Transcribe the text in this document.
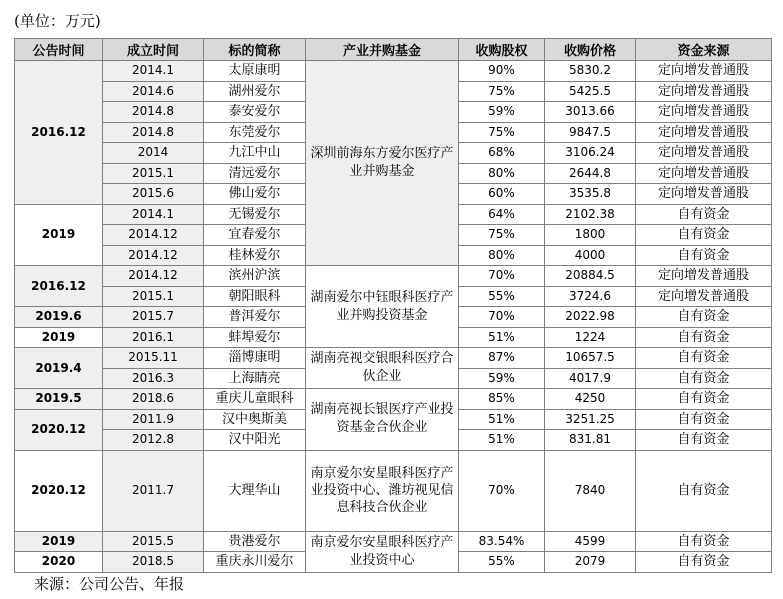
(单位：万元)
公告时间	成立时间	标的简称	产业并购基金	收购股权	收购价格	资金来源
2016.12	2014.1	太原康明	深圳前海东方爱尔医疗产业并购基金	90%	5830.2	定向增发普通股
	2014.6	湖州爱尔		75%	5425.5	定向增发普通股
	2014.8	泰安爱尔		59%	3013.66	定向增发普通股
	2014.8	东莞爱尔		75%	9847.5	定向增发普通股
	2014	九江中山		68%	3106.24	定向增发普通股
	2015.1	清远爱尔		80%	2644.8	定向增发普通股
	2015.6	佛山爱尔		60%	3535.8	定向增发普通股
2019	2014.1	无锡爱尔		64%	2102.38	自有资金
	2014.12	宜春爱尔		75%	1800	自有资金
	2014.12	桂林爱尔		80%	4000	自有资金
2016.12	2014.12	滨州沪滨	湖南爱尔中钰眼科医疗产业并购投资基金	70%	20884.5	定向增发普通股
	2015.1	朝阳眼科		55%	3724.6	定向增发普通股
2019.6	2015.7	普洱爱尔		70%	2022.98	自有资金
2019	2016.1	蚌埠爱尔		51%	1224	自有资金
2019.4	2015.11	淄博康明	湖南亮视交银眼科医疗合伙企业	87%	10657.5	自有资金
	2016.3	上海睛亮		59%	4017.9	自有资金
2019.5	2018.6	重庆儿童眼科	湖南亮视长银医疗产业投资基金合伙企业	85%	4250	自有资金
2020.12	2011.9	汉中奥斯美		51%	3251.25	自有资金
	2012.8	汉中阳光		51%	831.81	自有资金
2020.12	2011.7	大理华山	南京爱尔安星眼科医疗产业投资中心、潍坊视见信息科技合伙企业	70%	7840	自有资金
2019	2015.5	贵港爱尔	南京爱尔安星眼科医疗产业投资中心	83.54%	4599	自有资金
2020	2018.5	重庆永川爱尔		55%	2079	自有资金
来源：公司公告、年报
